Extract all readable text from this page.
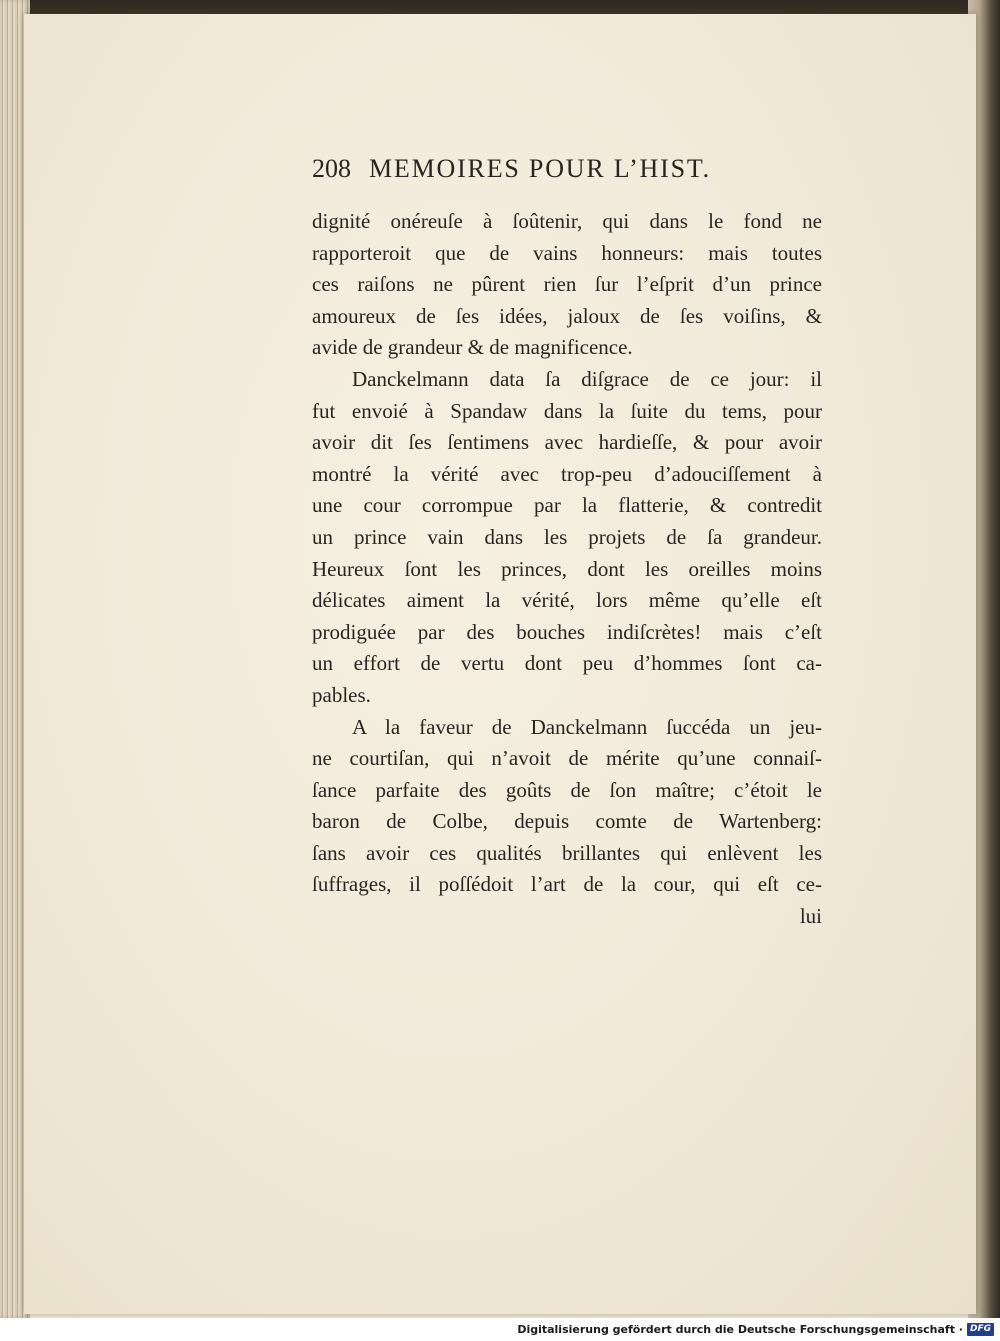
208 MEMOIRES POUR L’HIST.
dignité onéreuſe à ſoûtenir, qui dans le fond ne
rapporteroit que de vains honneurs: mais toutes
ces raiſons ne pûrent rien ſur l’eſprit d’un prince
amoureux de ſes idées, jaloux de ſes voiſins, &
avide de grandeur & de magnificence.
Danckelmann data ſa diſgrace de ce jour: il
fut envoié à Spandaw dans la ſuite du tems, pour
avoir dit ſes ſentimens avec hardieſſe, & pour avoir
montré la vérité avec trop-peu d’adouciſſement à
une cour corrompue par la flatterie, & contredit
un prince vain dans les projets de ſa grandeur.
Heureux ſont les princes, dont les oreilles moins
délicates aiment la vérité, lors même qu’elle eſt
prodiguée par des bouches indiſcrètes! mais c’eſt
un effort de vertu dont peu d’hommes ſont ca-
pables.
A la faveur de Danckelmann ſuccéda un jeu-
ne courtiſan, qui n’avoit de mérite qu’une connaiſ-
ſance parfaite des goûts de ſon maître; c’étoit le
baron de Colbe, depuis comte de Wartenberg:
ſans avoir ces qualités brillantes qui enlèvent les
ſuffrages, il poſſédoit l’art de la cour, qui eſt ce-
lui
Digitalisierung gefördert durch die Deutsche Forschungsgemeinschaft · DFG
